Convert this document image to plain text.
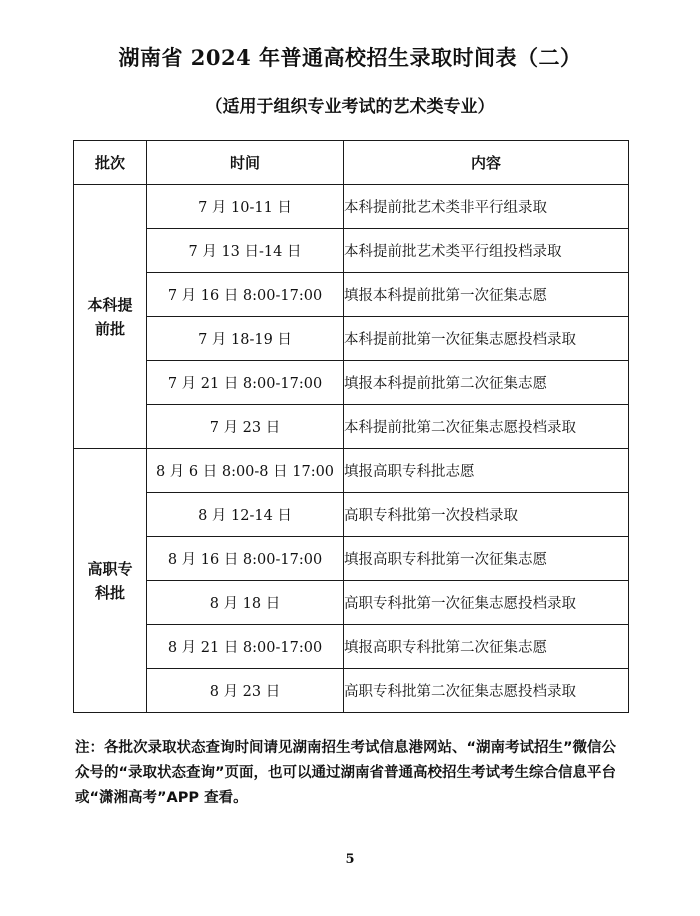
湖南省 2024 年普通高校招生录取时间表（二）
（适用于组织专业考试的艺术类专业）
批次	时间	内容
本科提前批	7 月 10-11 日	本科提前批艺术类非平行组录取
	7 月 13 日-14 日	本科提前批艺术类平行组投档录取
	7 月 16 日 8:00-17:00	填报本科提前批第一次征集志愿
	7 月 18-19 日	本科提前批第一次征集志愿投档录取
	7 月 21 日 8:00-17:00	填报本科提前批第二次征集志愿
	7 月 23 日	本科提前批第二次征集志愿投档录取
高职专科批	8 月 6 日 8:00-8 日 17:00	填报高职专科批志愿
	8 月 12-14 日	高职专科批第一次投档录取
	8 月 16 日 8:00-17:00	填报高职专科批第一次征集志愿
	8 月 18 日	高职专科批第一次征集志愿投档录取
	8 月 21 日 8:00-17:00	填报高职专科批第二次征集志愿
	8 月 23 日	高职专科批第二次征集志愿投档录取
注：各批次录取状态查询时间请见湖南招生考试信息港网站、“湖南考试招生”微信公众号的“录取状态查询”页面，也可以通过湖南省普通高校招生考试考生综合信息平台或“潇湘高考”APP 查看。
5
